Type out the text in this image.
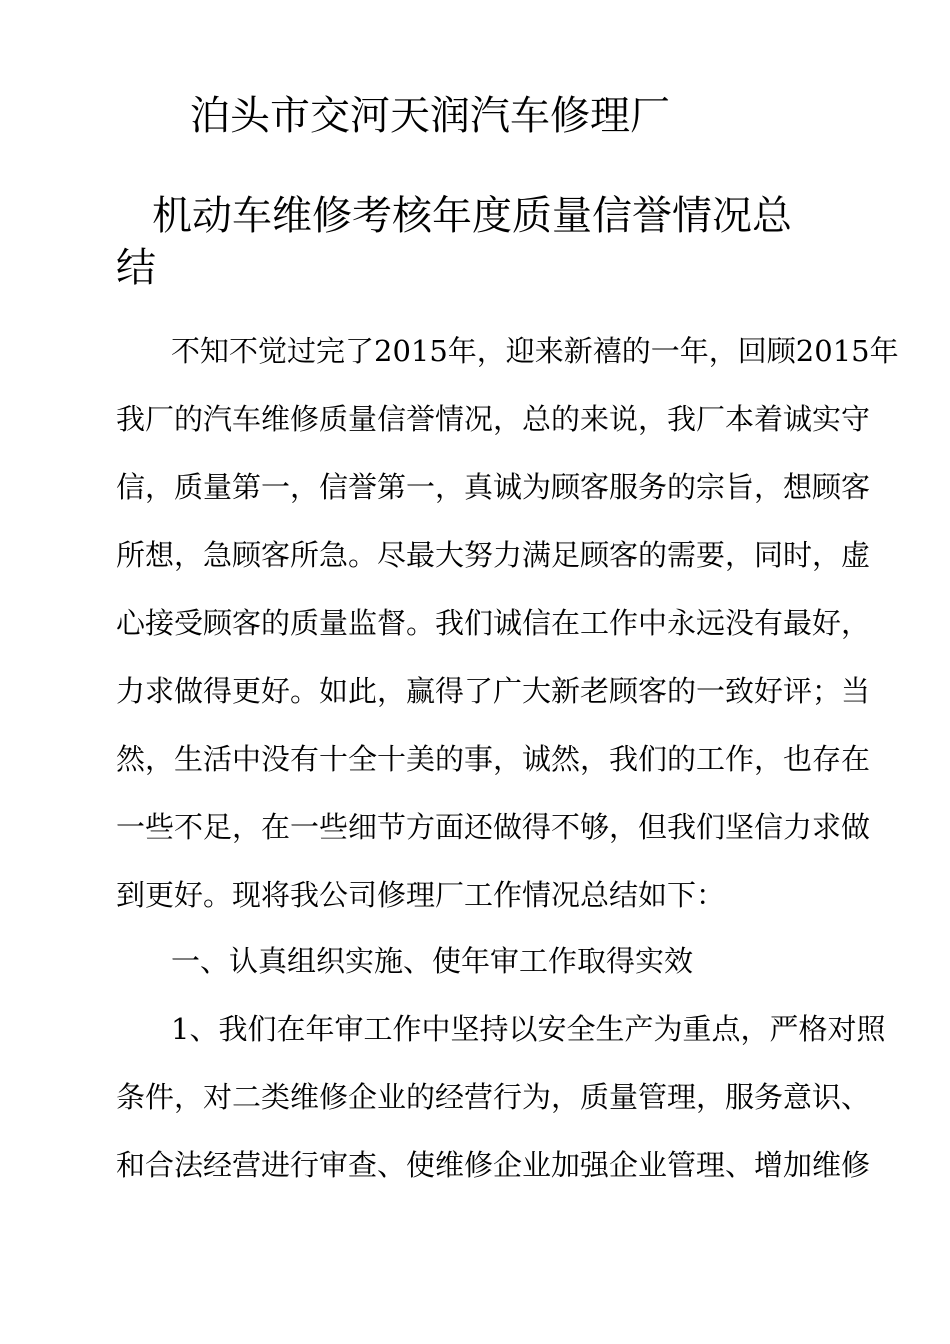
泊头市交河天润汽车修理厂
机动车维修考核年度质量信誉情况总结

不知不觉过完了2015年，迎来新禧的一年，回顾2015年

我厂的汽车维修质量信誉情况，总的来说，我厂本着诚实守

信，质量第一，信誉第一，真诚为顾客服务的宗旨，想顾客

所想，急顾客所急。尽最大努力满足顾客的需要，同时，虚

心接受顾客的质量监督。我们诚信在工作中永远没有最好，

力求做得更好。如此，赢得了广大新老顾客的一致好评；当

然，生活中没有十全十美的事，诚然，我们的工作，也存在

一些不足，在一些细节方面还做得不够，但我们坚信力求做

到更好。现将我公司修理厂工作情况总结如下：

一、认真组织实施、使年审工作取得实效

1、我们在年审工作中坚持以安全生产为重点，严格对照

条件，对二类维修企业的经营行为，质量管理，服务意识、

和合法经营进行审查、使维修企业加强企业管理、增加维修
